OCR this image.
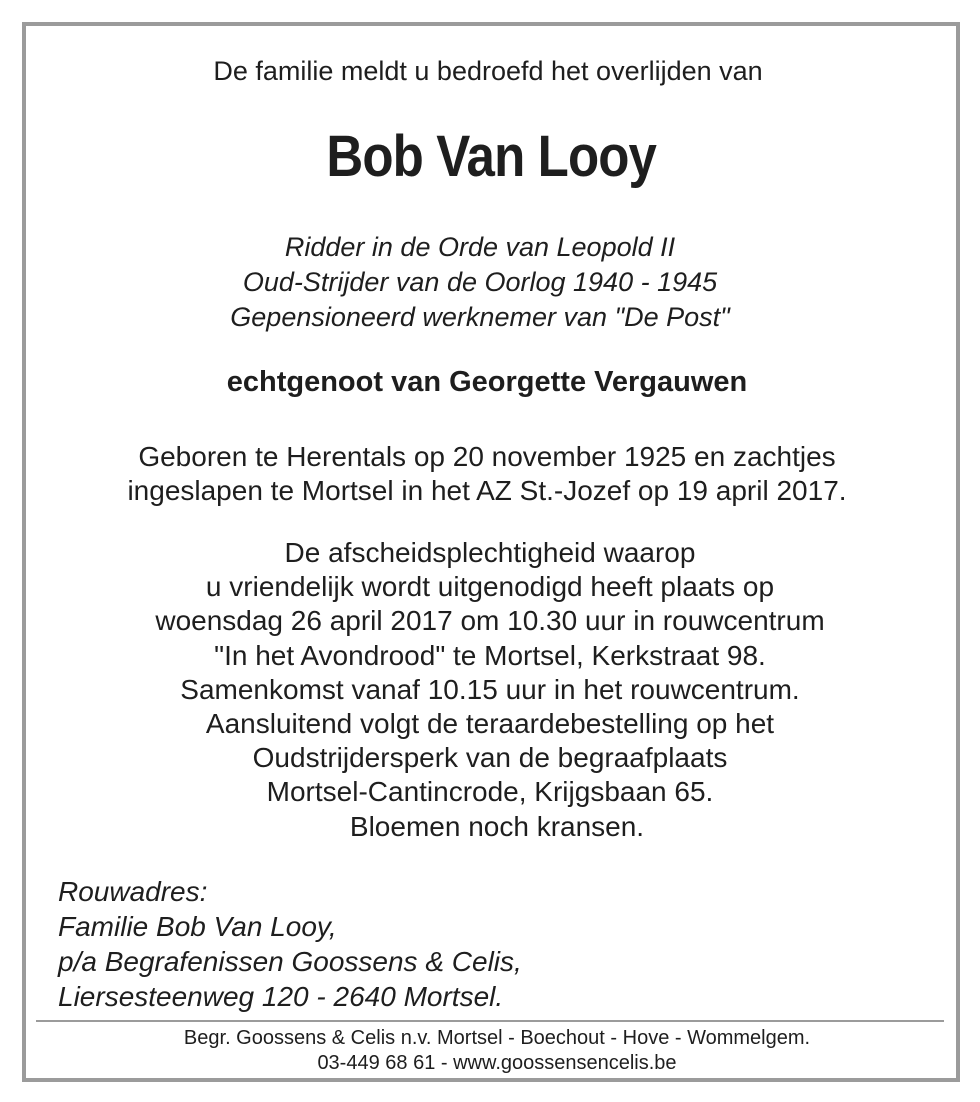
De familie meldt u bedroefd het overlijden van
Bob Van Looy
Ridder in de Orde van Leopold II
Oud-Strijder van de Oorlog 1940 - 1945
Gepensioneerd werknemer van "De Post"
echtgenoot van Georgette Vergauwen
Geboren te Herentals op 20 november 1925 en zachtjes
ingeslapen te Mortsel in het AZ St.-Jozef op 19 april 2017.
De afscheidsplechtigheid waarop
u vriendelijk wordt uitgenodigd heeft plaats op
woensdag 26 april 2017 om 10.30 uur in rouwcentrum
"In het Avondrood" te Mortsel, Kerkstraat 98.
Samenkomst vanaf 10.15 uur in het rouwcentrum.
Aansluitend volgt de teraardebestelling op het
Oudstrijdersperk van de begraafplaats
Mortsel-Cantincrode, Krijgsbaan 65.
Bloemen noch kransen.
Rouwadres:
Familie Bob Van Looy,
p/a Begrafenissen Goossens & Celis,
Liersesteenweg 120 - 2640 Mortsel.
Begr. Goossens & Celis n.v. Mortsel - Boechout - Hove - Wommelgem.
03-449 68 61 - www.goossensencelis.be
